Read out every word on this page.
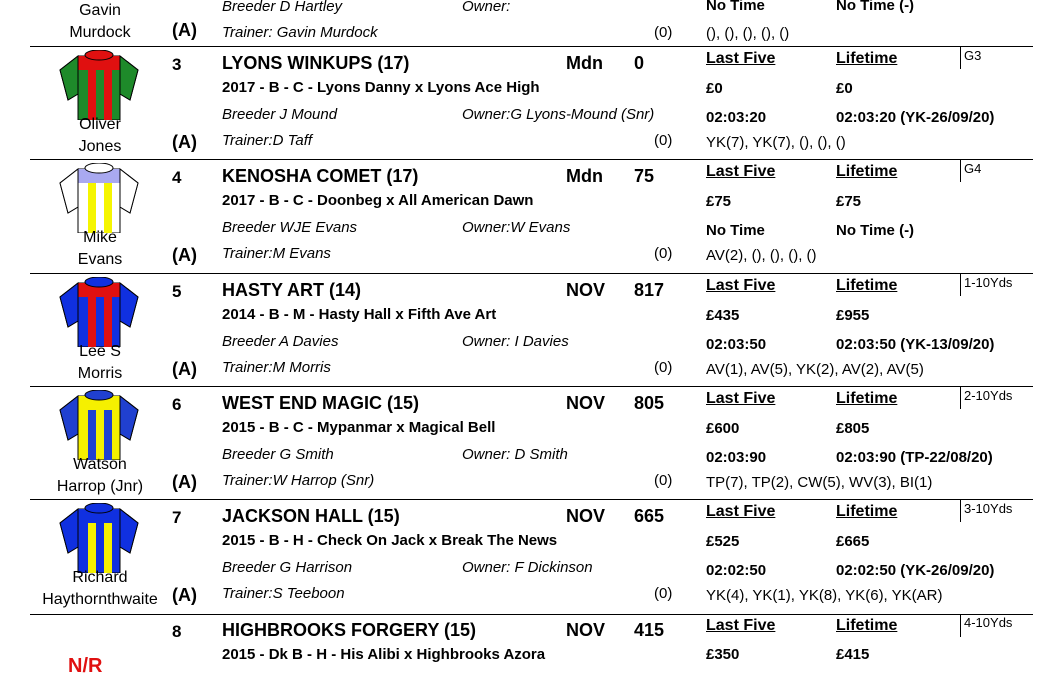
Gavin
Murdock
Breeder D Hartley	Owner:	No Time	No Time (-)
(A) Trainer: Gavin Murdock	(0) (), (), (), (), ()
Oliver
Jones
3
(A)
LYONS WINKUPS (17)	Mdn 0
2017 - B - C - Lyons Danny x Lyons Ace High
Breeder J Mound	Owner:G Lyons-Mound (Snr)
Trainer:D Taff	(0)
Last Five	Lifetime	G3
£0	£0
02:03:20	02:03:20 (YK-26/09/20)
YK(7), YK(7), (), (), ()
Mike
Evans
4
(A)
KENOSHA COMET (17)	Mdn 75
2017 - B - C - Doonbeg x All American Dawn
Breeder WJE Evans	Owner:W Evans
Trainer:M Evans	(0)
Last Five	Lifetime	G4
£75	£75
No Time	No Time (-)
AV(2), (), (), (), ()
Lee S
Morris
5
(A)
HASTY ART (14)	NOV 817
2014 - B - M - Hasty Hall x Fifth Ave Art
Breeder A Davies	Owner: I Davies
Trainer:M Morris	(0)
Last Five	Lifetime	1-10Yds
£435	£955
02:03:50	02:03:50 (YK-13/09/20)
AV(1), AV(5), YK(2), AV(2), AV(5)
Watson
Harrop (Jnr)
6
(A)
WEST END MAGIC (15)	NOV 805
2015 - B - C - Mypanmar x Magical Bell
Breeder G Smith	Owner: D Smith
Trainer:W Harrop (Snr)	(0)
Last Five	Lifetime	2-10Yds
£600	£805
02:03:90	02:03:90 (TP-22/08/20)
TP(7), TP(2), CW(5), WV(3), BI(1)
Richard
Haythornthwaite
7
(A)
JACKSON HALL (15)	NOV 665
2015 - B - H - Check On Jack x Break The News
Breeder G Harrison	Owner: F Dickinson
Trainer:S Teeboon	(0)
Last Five	Lifetime	3-10Yds
£525	£665
02:02:50	02:02:50 (YK-26/09/20)
YK(4), YK(1), YK(8), YK(6), YK(AR)
N/R
8 HIGHBROOKS FORGERY (15)	NOV 415
2015 - Dk B - H - His Alibi x Highbrooks Azora
Last Five	Lifetime	4-10Yds
£350	£415
